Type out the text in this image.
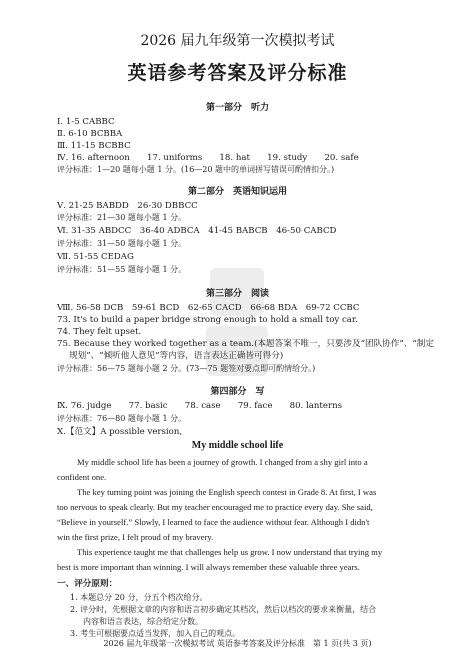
2026 届九年级第一次模拟考试
英语参考答案及评分标准
第一部分　听力
Ⅰ. 1-5 CABBC
Ⅱ. 6-10 BCBBA
Ⅲ. 11-15 BCBBC
Ⅳ. 16. afternoon　　17. uniforms　　18. hat　　19. study　　20. safe
评分标准：1—20 题每小题 1 分。(16—20 题中的单词拼写错误可酌情扣分。)
第二部分　英语知识运用
Ⅴ. 21-25 BABDD　26-30 DBBCC
评分标准：21—30 题每小题 1 分。
Ⅵ. 31-35 ABDCC　36-40 ADBCA　41-45 BABCB　46-50 CABCD
评分标准：31—50 题每小题 1 分。
Ⅶ. 51-55 CEDAG
评分标准：51—55 题每小题 1 分。
第三部分　阅读
Ⅷ. 56-58 DCB　59-61 BCD　62-65 CACD　66-68 BDA　69-72 CCBC
73. It's to build a paper bridge strong enough to hold a small toy car.
74. They felt upset.
75. Because they worked together as a team.(本题答案不唯一，只要涉及“团队协作”、“制定
规划”、“倾听他人意见”等内容，语言表达正确皆可得分)
评分标准：56—75 题每小题 2 分。(73—75 题签对要点即可酌情给分。)
第四部分　写
Ⅸ. 76. judge　　77. basic　　78. case　　79. face　　80. lanterns
评分标准：76—80 题每小题 1 分。
Ⅹ.【范文】A possible version,
My middle school life
My middle school life has been a journey of growth. I changed from a shy girl into a
confident one.
The key turning point was joining the English speech contest in Grade 8. At first, I was
too nervous to speak clearly. But my teacher encouraged me to practice every day. She said,
“Believe in yourself.” Slowly, I learned to face the audience without fear. Although I didn't
win the first prize, I felt proud of my bravery.
This experience taught me that challenges help us grow. I now understand that trying my
best is more important than winning. I will always remember these valuable three years.
一、评分原则：
1. 本题总分 20 分，分五个档次给分。
2. 评分时，先根据文章的内容和语言初步确定其档次，然后以档次的要求来衡量，结合
内容和语言表达，综合给定分数。
3. 考生可根据要点适当发挥，加入自己的观点。
2026 届九年级第一次模拟考试 英语参考答案及评分标准　第 1 页(共 3 页)
